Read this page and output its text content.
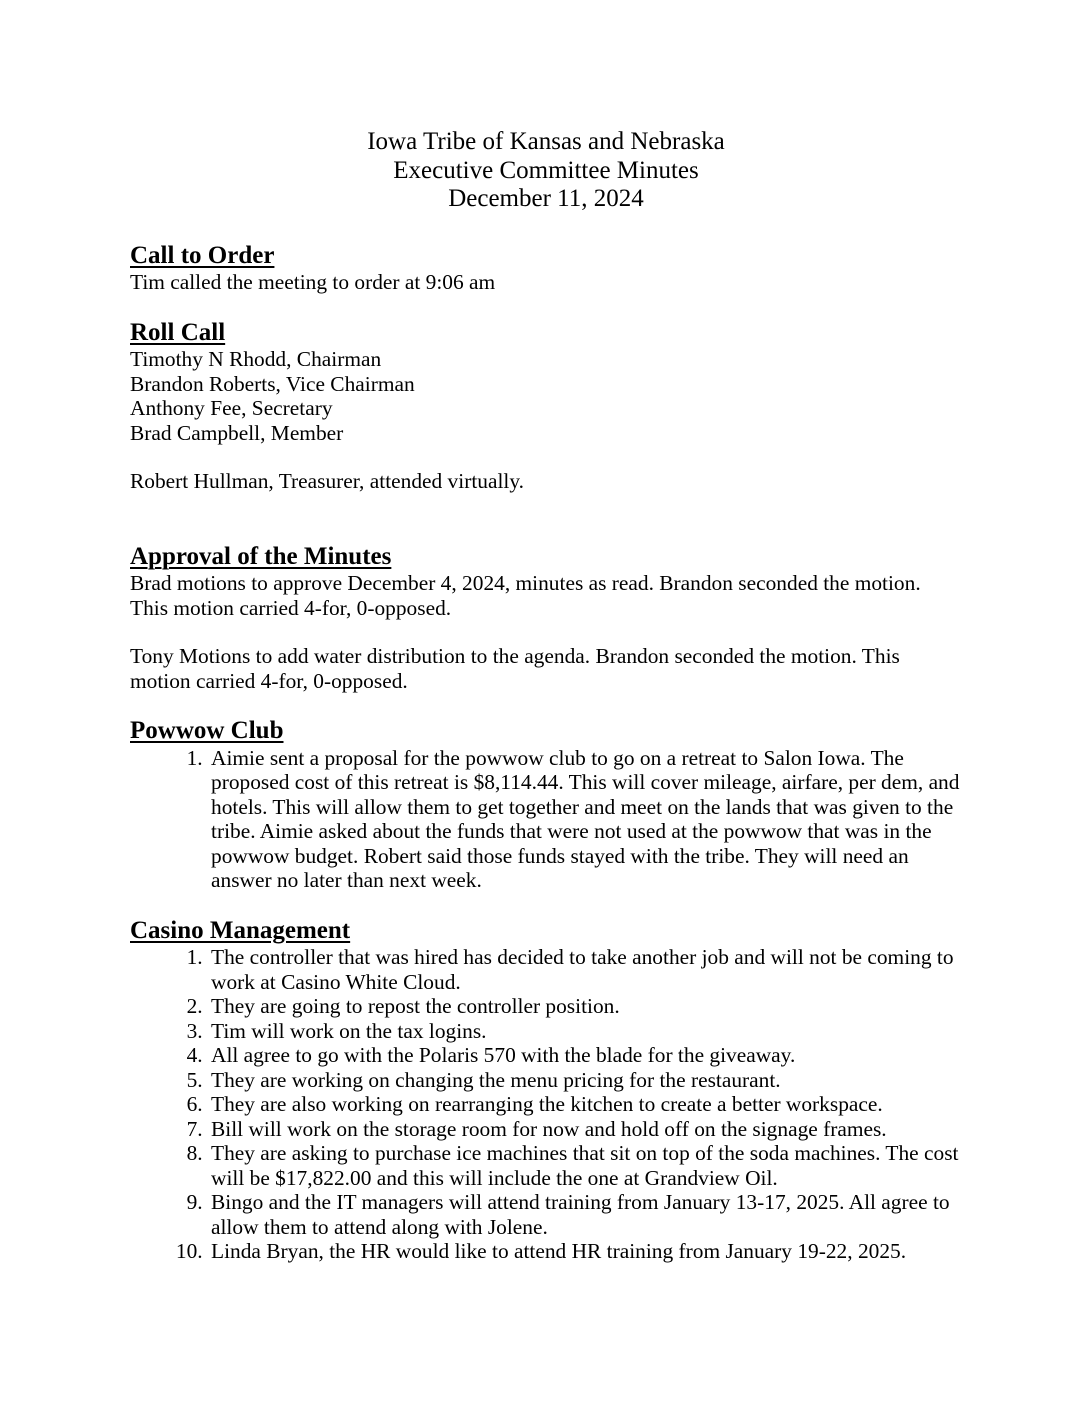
Iowa Tribe of Kansas and Nebraska
Executive Committee Minutes
December 11, 2024
Call to Order

Tim called the meeting to order at 9:06 am

Roll Call

Timothy N Rhodd, Chairman

Brandon Roberts, Vice Chairman

Anthony Fee, Secretary

Brad Campbell, Member

Robert Hullman, Treasurer, attended virtually.

Approval of the Minutes

Brad motions to approve December 4, 2024, minutes as read. Brandon seconded the motion. This motion carried 4-for, 0-opposed.

Tony Motions to add water distribution to the agenda. Brandon seconded the motion. This motion carried 4-for, 0-opposed.

Powwow Club
1. Aimie sent a proposal for the powwow club to go on a retreat to Salon Iowa. The proposed cost of this retreat is $8,114.44. This will cover mileage, airfare, per dem, and hotels. This will allow them to get together and meet on the lands that was given to the tribe. Aimie asked about the funds that were not used at the powwow that was in the powwow budget. Robert said those funds stayed with the tribe. They will need an answer no later than next week.
Casino Management
1. The controller that was hired has decided to take another job and will not be coming to work at Casino White Cloud.
2. They are going to repost the controller position.
3. Tim will work on the tax logins.
4. All agree to go with the Polaris 570 with the blade for the giveaway.
5. They are working on changing the menu pricing for the restaurant.
6. They are also working on rearranging the kitchen to create a better workspace.
7. Bill will work on the storage room for now and hold off on the signage frames.
8. They are asking to purchase ice machines that sit on top of the soda machines. The cost will be $17,822.00 and this will include the one at Grandview Oil.
9. Bingo and the IT managers will attend training from January 13-17, 2025. All agree to allow them to attend along with Jolene.
10. Linda Bryan, the HR would like to attend HR training from January 19-22, 2025.
